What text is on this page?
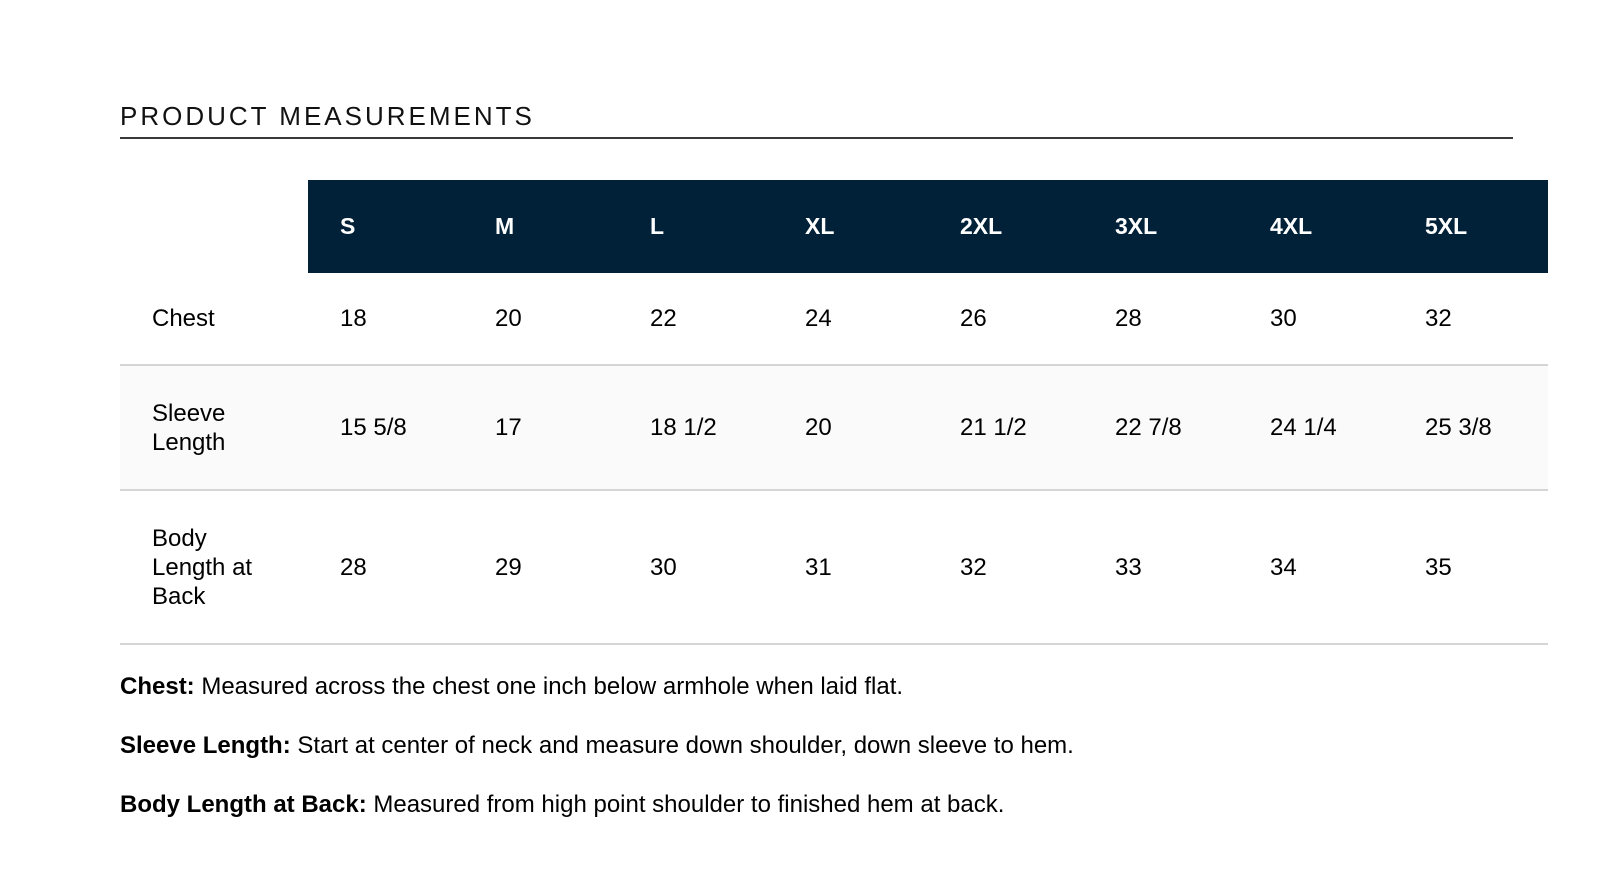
PRODUCT MEASUREMENTS
	S	M	L	XL	2XL	3XL	4XL	5XL
Chest	18	20	22	24	26	28	30	32
Sleeve
Length	15 5/8	17	18 1/2	20	21 1/2	22 7/8	24 1/4	25 3/8
Body
Length at
Back	28	29	30	31	32	33	34	35

Chest: Measured across the chest one inch below armhole when laid flat.

Sleeve Length: Start at center of neck and measure down shoulder, down sleeve to hem.

Body Length at Back: Measured from high point shoulder to finished hem at back.
